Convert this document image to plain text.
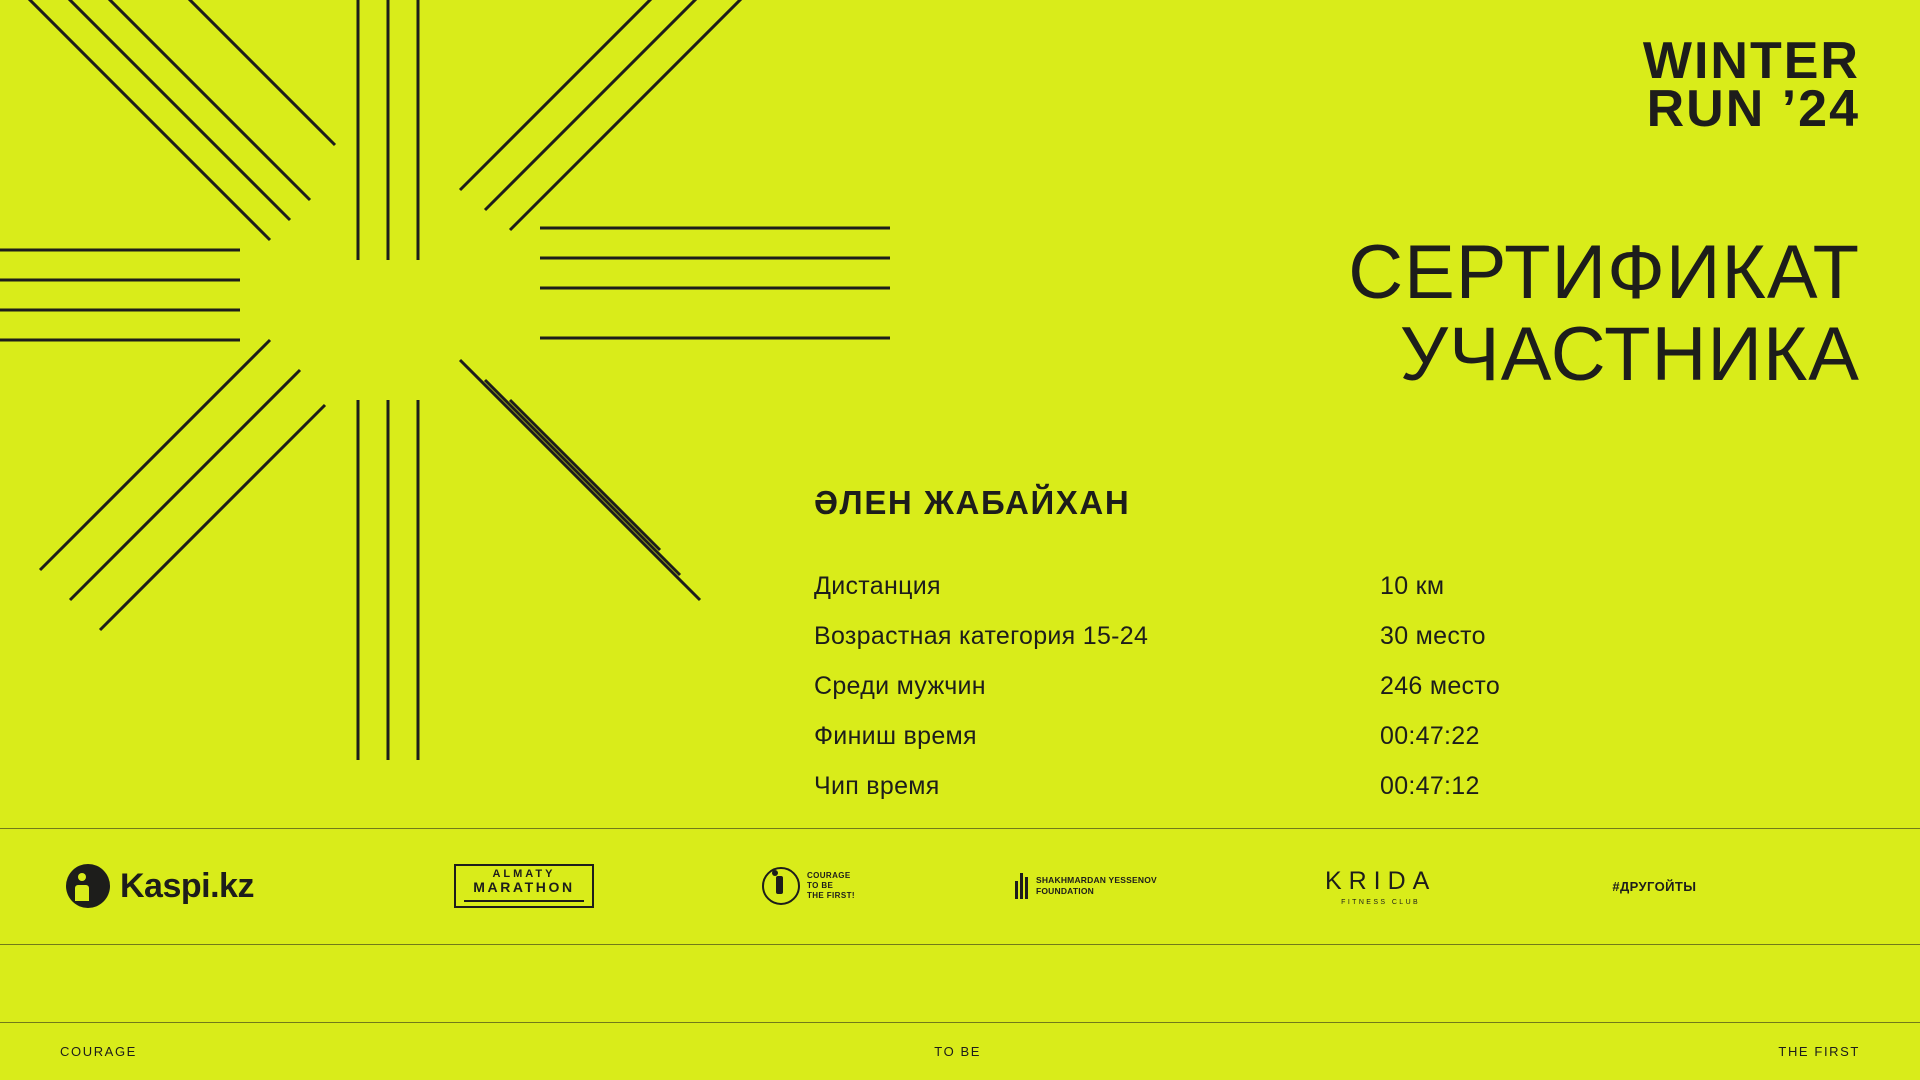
WINTER
RUN ’24
СЕРТИФИКАТ
УЧАСТНИКА
ӘЛЕН ЖАБАЙХАН
Дистанция	10 км
Возрастная категория 15-24	30 место
Среди мужчин	246 место
Финиш время	00:47:22
Чип время	00:47:12
Kaspi.kz	ALMATY
MARATHON
COURAGE
TO BE
THE FIRST!
SHAKHMARDAN YESSENOV
FOUNDATION	KRIDA
FITNESS CLUB
#ДРУГОЙТЫ
COURAGE	TO BE	THE FIRST
